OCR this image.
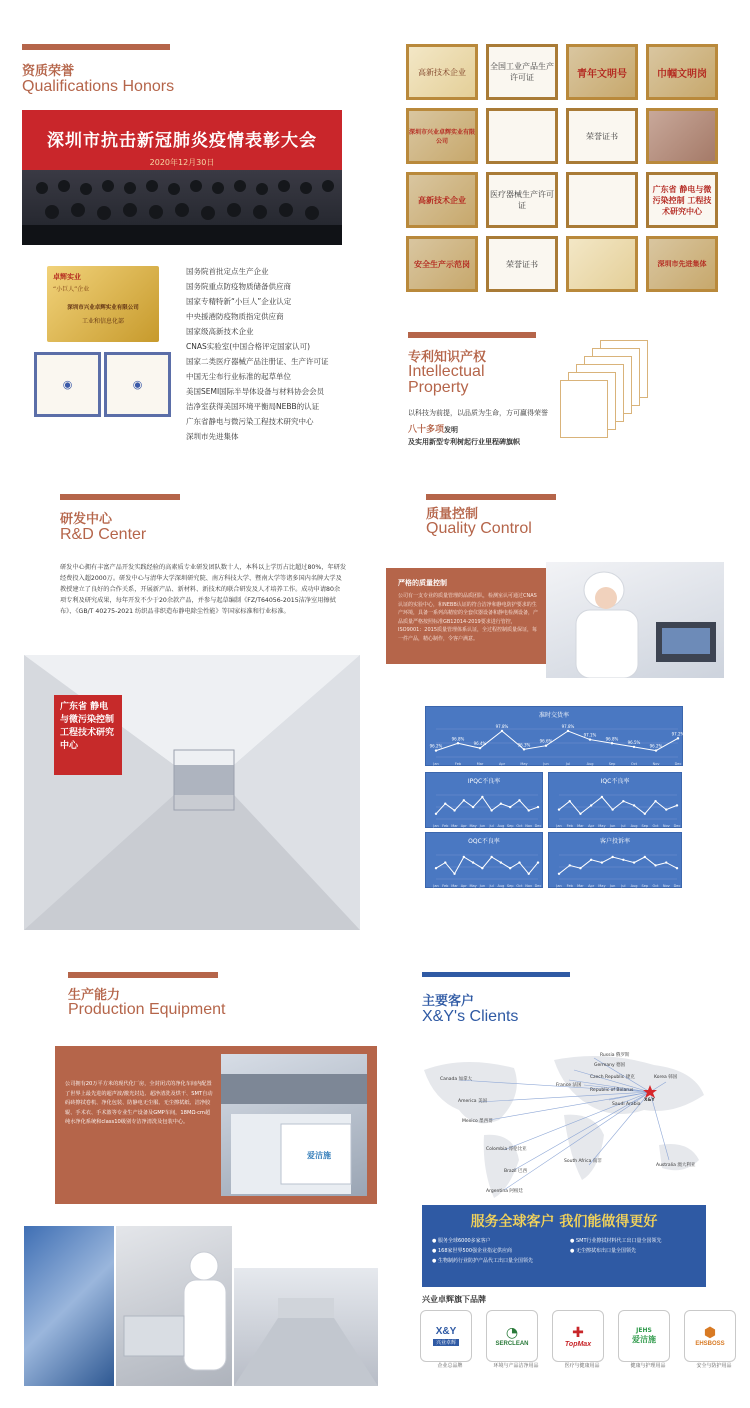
资质荣誉
Qualifications Honors
深圳市抗击新冠肺炎疫情表彰大会
2020年12月30日
卓辉实业
“小巨人”企业
深圳市兴业卓辉实业有限公司
工业和信息化部
◉	◉
国务院首批定点生产企业
国务院重点防疫物质储备供应商
国家专精特新“小巨人”企业认定
中央援港防疫物质指定供应商
国家级高新技术企业
CNAS实验室(中国合格评定国家认可)
国家二类医疗器械产品注册证、生产许可证
中国无尘布行业标准的起草单位
美国SEMI国际半导体设备与材料协会会员
洁净室获得美国环境平衡局NEBB的认证
广东省静电与微污染工程技术研究中心
深圳市先进集体
高新技术企业
全国工业产品生产许可证	青年文明号	巾帼文明岗
深圳市兴业卓辉实业有限公司
荣誉证书
高新技术企业
医疗器械生产许可证
广东省 静电与微污染控制 工程技术研究中心
安全生产示范岗	荣誉证书	深圳市先进集体
专利知识产权
Intellectual
Property
以科技为前提，以品质为生命，方可赢得荣誉
八十多项发明
及实用新型专利树起行业里程碑旗帜
研发中心
R&D Center
研发中心拥有丰富产品开发实践经验的高素质专业研发团队数十人，本科以上学历占比超过80%，年研发经费投入超2000万。研发中心与清华大学深圳研究院、南方科技大学、暨南大学等诸多国内名牌大学及教授建立了良好的合作关系，开展新产品、新材料、新技术的联合研发及人才培养工作。成功申请80余项专利及研究成果，每年开发不少于20余款产品，并参与起草编制《FZ/T64056-2015洁净室用擦拭布》、《GB/T 40275-2021 纺织品非织造布静电除尘性能》等国家标准和行业标准。
广东省 静电与微污染控制 工程技术研究中心
质量控制
Quality Control
严格的质量控制
公司有一支专业的质量管理的品质团队，检测室认可通过CNAS认证的实验中心，和NEBB认证的符合洁净和静电防护要求的生产环境，具备一系列高精密的全套仪器设备和静电检测设备，产品质量严格按照标准GB12014-2019要求进行管控，ISO9001：2015质量管理体系认证，全过程控制质量保证，每一件产品，精心制作，令客户满意。
准时交货率
96.2%
Jan
96.8%
Feb
96.4%
Mar
97.8%
Apr
96.3%
May
96.6%
Jun
97.8%
Jul
97.1%
Aug
96.8%
Sep
96.5%
Oct
96.2%
Nov
97.2%
Dec
IPQC不良率
Jan Feb Mar Apr May Jun Jul Aug Sep Oct Nov Dec
IQC不良率
Jan Feb Mar Apr May Jun Jul Aug Sep Oct Nov Dec
OQC不良率
Jan Feb Mar Apr May Jun Jul Aug Sep Oct Nov Dec
客户投诉率
Jan Feb Mar Apr May Jun Jul Aug Sep Oct Nov Dec
生产能力
Production Equipment
公司拥有20万平方米的现代化厂房，全封闭式的净化车间内配置了世界上最先进的超声波/激光封边、超净清洗及烘干、SMT自动码砖擦拭卷机、净化包装、防静电无尘服、无尘擦拭纸、洁净胶辊、手术衣、手术篮等专业生产设备及GMP车间，18MΩ·cm超纯水净化系统和class10级别专洁净清洗及包装中心。
爱洁施
主要客户
X&Y's Clients
Canada 加拿大
America 美国
Mexico 墨西哥
Colombia 哥伦比亚
Brazil 巴西
Argentina 阿根廷
Russia 俄罗斯
Germany 德国
France 法国
Czech Republic 捷克
Republic of Belarus
Korea 韩国
X&Y
Saudi Arabia
South Africa 南非
Australia 澳大利亚
服务全球客户 我们能做得更好
● 服务全球6000多家客户	● SMT行业擦拭材料代工出口量全国领先
● 168家世界500强企业指定供应商	● 无尘擦拭布出口量全国领先
● 生物制药行业防护产品代工出口量全国领先
兴业卓辉旗下品牌
X&Y
兴业卓辉
企业总品牌
◔
SERCLEAN
环境与产品洁净用品
✚
TopMax
医疗与健康用品
JEHS
爱洁施
健康与护理用品
⬢
EHSBOSS
安全与防护用品
